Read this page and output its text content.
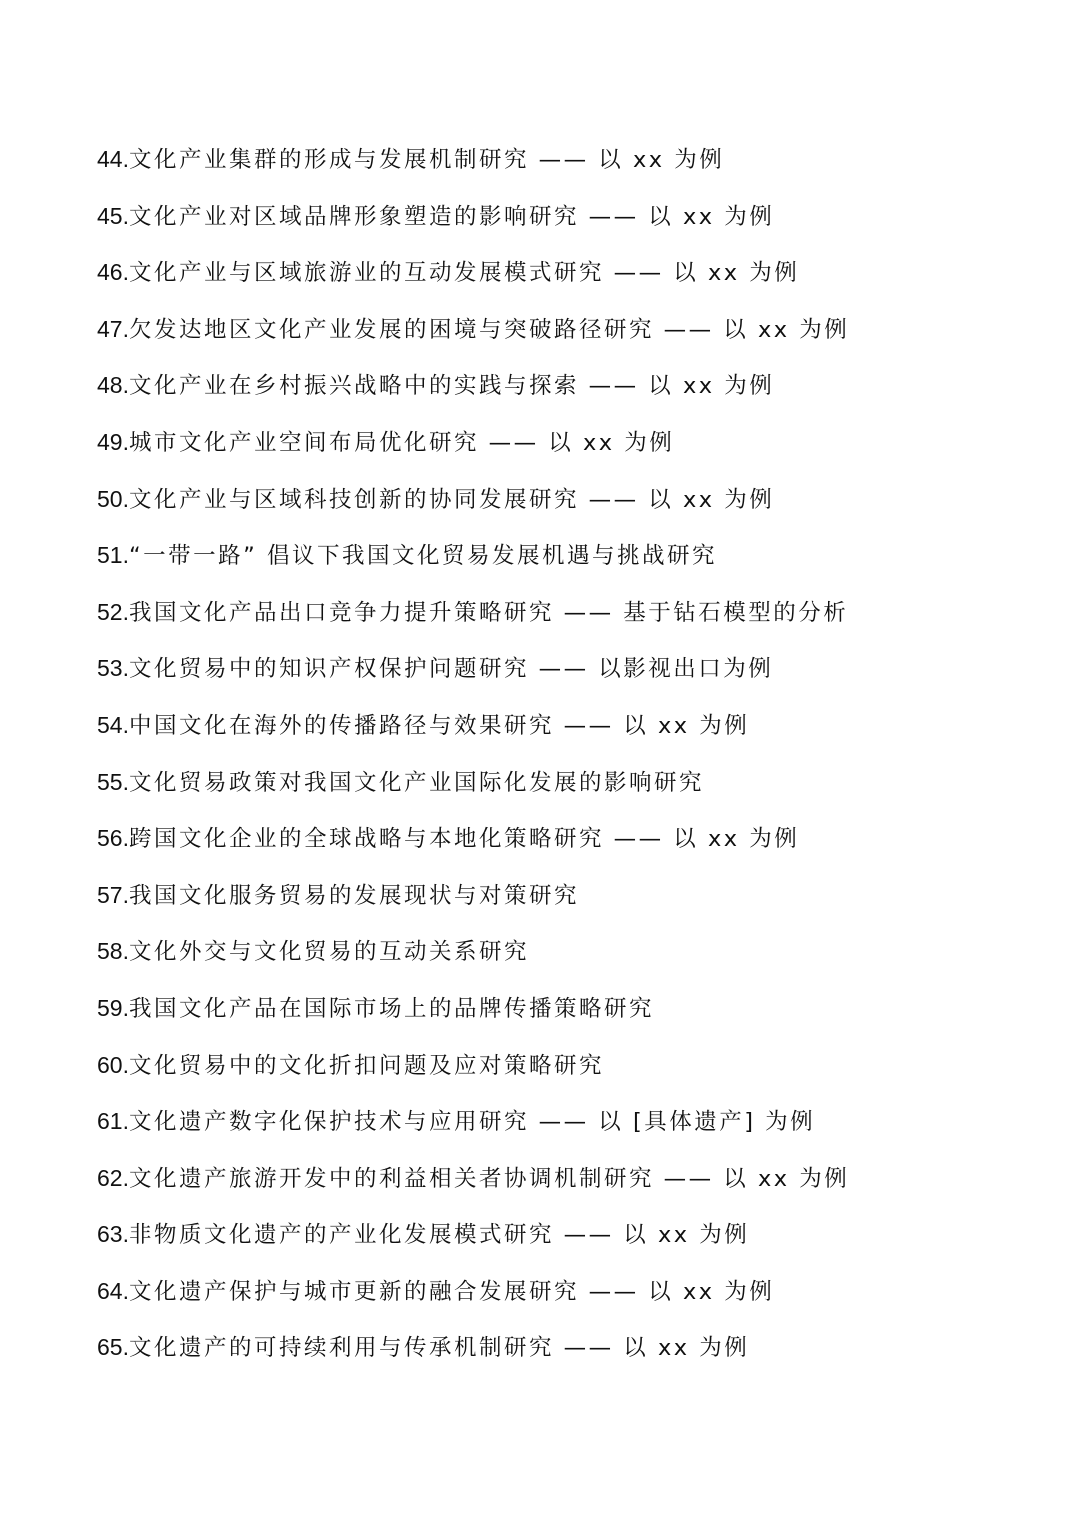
44.文化产业集群的形成与发展机制研究 —— 以 xx 为例
45.文化产业对区域品牌形象塑造的影响研究 —— 以 xx 为例
46.文化产业与区域旅游业的互动发展模式研究 —— 以 xx 为例
47.欠发达地区文化产业发展的困境与突破路径研究 —— 以 xx 为例
48.文化产业在乡村振兴战略中的实践与探索 —— 以 xx 为例
49.城市文化产业空间布局优化研究 —— 以 xx 为例
50.文化产业与区域科技创新的协同发展研究 —— 以 xx 为例
51.“一带一路” 倡议下我国文化贸易发展机遇与挑战研究
52.我国文化产品出口竞争力提升策略研究 —— 基于钻石模型的分析
53.文化贸易中的知识产权保护问题研究 —— 以影视出口为例
54.中国文化在海外的传播路径与效果研究 —— 以 xx 为例
55.文化贸易政策对我国文化产业国际化发展的影响研究
56.跨国文化企业的全球战略与本地化策略研究 —— 以 xx 为例
57.我国文化服务贸易的发展现状与对策研究
58.文化外交与文化贸易的互动关系研究
59.我国文化产品在国际市场上的品牌传播策略研究
60.文化贸易中的文化折扣问题及应对策略研究
61.文化遗产数字化保护技术与应用研究 —— 以 [具体遗产] 为例
62.文化遗产旅游开发中的利益相关者协调机制研究 —— 以 xx 为例
63.非物质文化遗产的产业化发展模式研究 —— 以 xx 为例
64.文化遗产保护与城市更新的融合发展研究 —— 以 xx 为例
65.文化遗产的可持续利用与传承机制研究 —— 以 xx 为例
